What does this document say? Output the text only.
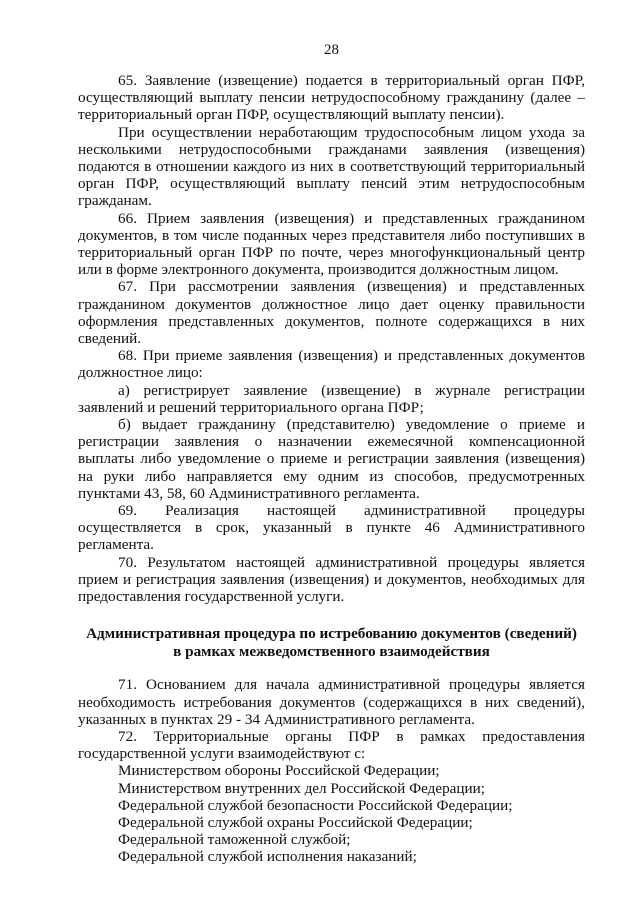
28

65. Заявление (извещение) подается в территориальный орган ПФР, осуществляющий выплату пенсии нетрудоспособному гражданину (далее – территориальный орган ПФР, осуществляющий выплату пенсии).

При осуществлении неработающим трудоспособным лицом ухода за несколькими нетрудоспособными гражданами заявления (извещения) подаются в отношении каждого из них в соответствующий территориальный орган ПФР, осуществляющий выплату пенсий этим нетрудоспособным гражданам.

66. Прием заявления (извещения) и представленных гражданином документов, в том числе поданных через представителя либо поступивших в территориальный орган ПФР по почте, через многофункциональный центр или в форме электронного документа, производится должностным лицом.

67. При рассмотрении заявления (извещения) и представленных гражданином документов должностное лицо дает оценку правильности оформления представленных документов, полноте содержащихся в них сведений.

68. При приеме заявления (извещения) и представленных документов должностное лицо:

а) регистрирует заявление (извещение) в журнале регистрации заявлений и решений территориального органа ПФР;

б) выдает гражданину (представителю) уведомление о приеме и регистрации заявления о назначении ежемесячной компенсационной выплаты либо уведомление о приеме и регистрации заявления (извещения) на руки либо направляется ему одним из способов, предусмотренных пунктами 43, 58, 60 Административного регламента.

69. Реализация настоящей административной процедуры осуществляется в срок, указанный в пункте 46 Административного регламента.

70. Результатом настоящей административной процедуры является прием и регистрация заявления (извещения) и документов, необходимых для предоставления государственной услуги.

Административная процедура по истребованию документов (сведений)
в рамках межведомственного взаимодействия

71. Основанием для начала административной процедуры является необходимость истребования документов (содержащихся в них сведений), указанных в пунктах 29 - 34 Административного регламента.

72. Территориальные органы ПФР в рамках предоставления государственной услуги взаимодействуют с:

Министерством обороны Российской Федерации;

Министерством внутренних дел Российской Федерации;

Федеральной службой безопасности Российской Федерации;

Федеральной службой охраны Российской Федерации;

Федеральной таможенной службой;

Федеральной службой исполнения наказаний;
